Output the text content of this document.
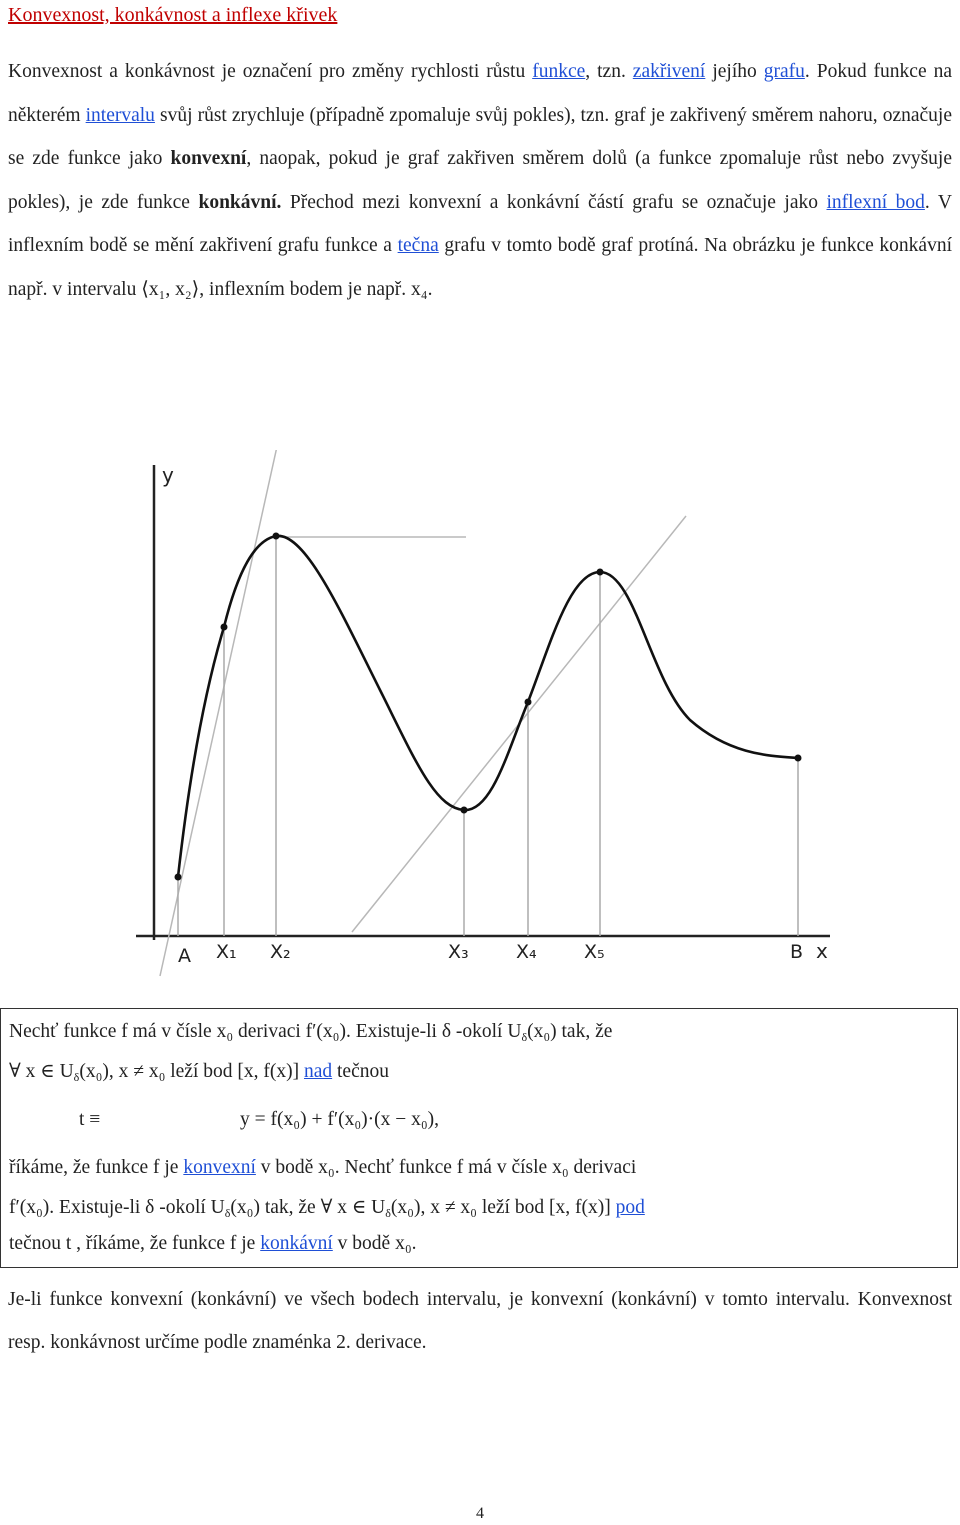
Konvexnost, konkávnost a inflexe křivek

Konvexnost a konkávnost je označení pro změny rychlosti růstu funkce, tzn. zakřivení jejího grafu. Pokud funkce na některém intervalu svůj růst zrychluje (případně zpomaluje svůj pokles), tzn. graf je zakřivený směrem nahoru, označuje se zde funkce jako konvexní, naopak, pokud je graf zakřiven směrem dolů (a funkce zpomaluje růst nebo zvyšuje pokles), je zde funkce konkávní. Přechod mezi konvexní a konkávní částí grafu se označuje jako inflexní bod. V inflexním bodě se mění zakřivení grafu funkce a tečna grafu v tomto bodě graf protíná. Na obrázku je funkce konkávní např. v intervalu ⟨x₁, x₂⟩, inflexním bodem je např. x₄.

y
x
A X₁ X₂	X₃ X₄ X₅	B
Nechť funkce f má v čísle x₀ derivaci f′(x₀). Existuje-li δ -okolí $U_\delta(x_0)$ tak, že
∀ x ∈ $U_\delta(x_0)$, x ≠ x₀ leží bod [x, f(x)] nad tečnou
t ≡	y = f(x₀) + f′(x₀)·(x − x₀),
říkáme, že funkce f je konvexní v bodě x₀. Nechť funkce f má v čísle x₀ derivaci
f′(x₀). Existuje-li δ -okolí $U_\delta(x_0)$ tak, že ∀ x ∈ $U_\delta(x_0)$, x ≠ x₀ leží bod [x, f(x)] pod
tečnou t , říkáme, že funkce f je konkávní v bodě x₀.
Je-li funkce konvexní (konkávní) ve všech bodech intervalu, je konvexní (konkávní) v tomto intervalu. Konvexnost resp. konkávnost určíme podle znaménka 2. derivace.
4
